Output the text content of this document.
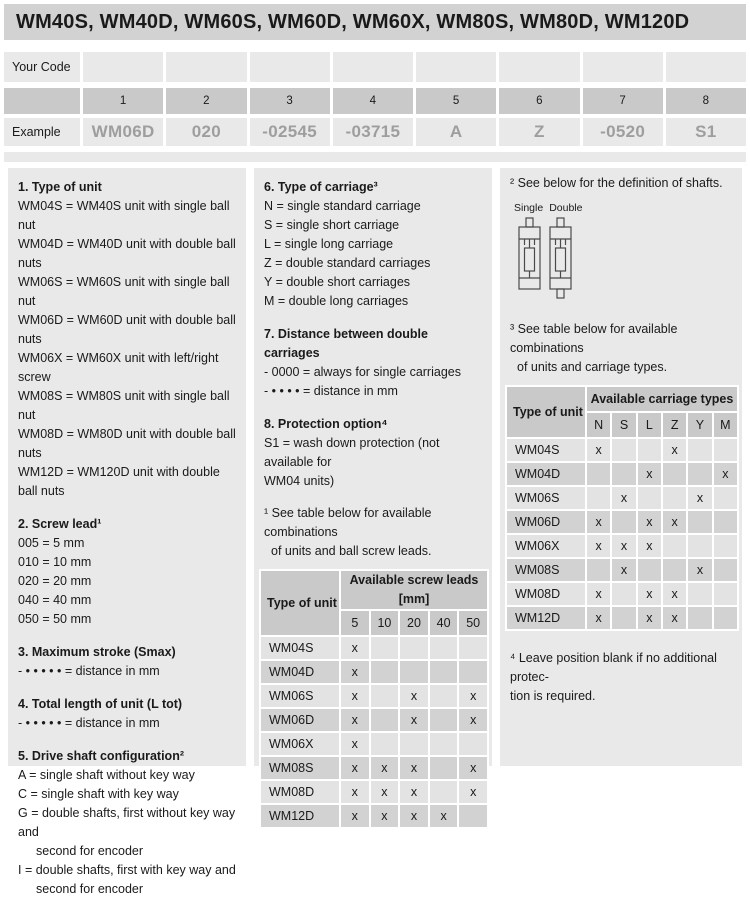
WM40S, WM40D, WM60S, WM60D, WM60X, WM80S, WM80D, WM120D
Your Code
1	2	3	4	5	6	7	8
Example	WM06D	020	-02545	-03715	A	Z	-0520	S1
1. Type of unit
WM04S = WM40S unit with single ball nut
WM04D = WM40D unit with double ball nuts
WM06S = WM60S unit with single ball nut
WM06D = WM60D unit with double ball nuts
WM06X = WM60X unit with left/right screw
WM08S = WM80S unit with single ball nut
WM08D = WM80D unit with double ball nuts
WM12D = WM120D unit with double ball nuts
2. Screw lead¹
005 = 5 mm
010 = 10 mm
020 = 20 mm
040 = 40 mm
050 = 50 mm
3. Maximum stroke (Smax)
- • • • • • = distance in mm
4. Total length of unit (L tot)
- • • • • • = distance in mm
5. Drive shaft configuration²
A = single shaft without key way
C = single shaft with key way
G = double shafts, first without key way and
second for encoder
I = double shafts, first with key way and
second for encoder
6. Type of carriage³
N = single standard carriage
S = single short carriage
L = single long carriage
Z = double standard carriages
Y = double short carriages
M = double long carriages
7. Distance between double carriages
- 0000 = always for single carriages
- • • • • = distance in mm
8. Protection option⁴
S1 = wash down protection (not available for
WM04 units)
¹ See table below for available combinations
of units and ball screw leads.
Type of unit	Available screw leads [mm]				
	5	10	20	40	50
WM04S	x				
WM04D	x				
WM06S	x		x		x
WM06D	x		x		x
WM06X	x				
WM08S	x	x	x		x
WM08D	x	x	x		x
WM12D	x	x	x	x	
² See below for the definition of shafts.
Single Double
³ See table below for available combinations
of units and carriage types.
Type of unit	Available carriage types					
	N	S	L	Z	Y	M
WM04S	x			x		
WM04D			x			x
WM06S		x			x	
WM06D	x		x	x		
WM06X	x	x	x			
WM08S		x			x	
WM08D	x		x	x		
WM12D	x		x	x		
⁴ Leave position blank if no additional protec-
tion is required.
